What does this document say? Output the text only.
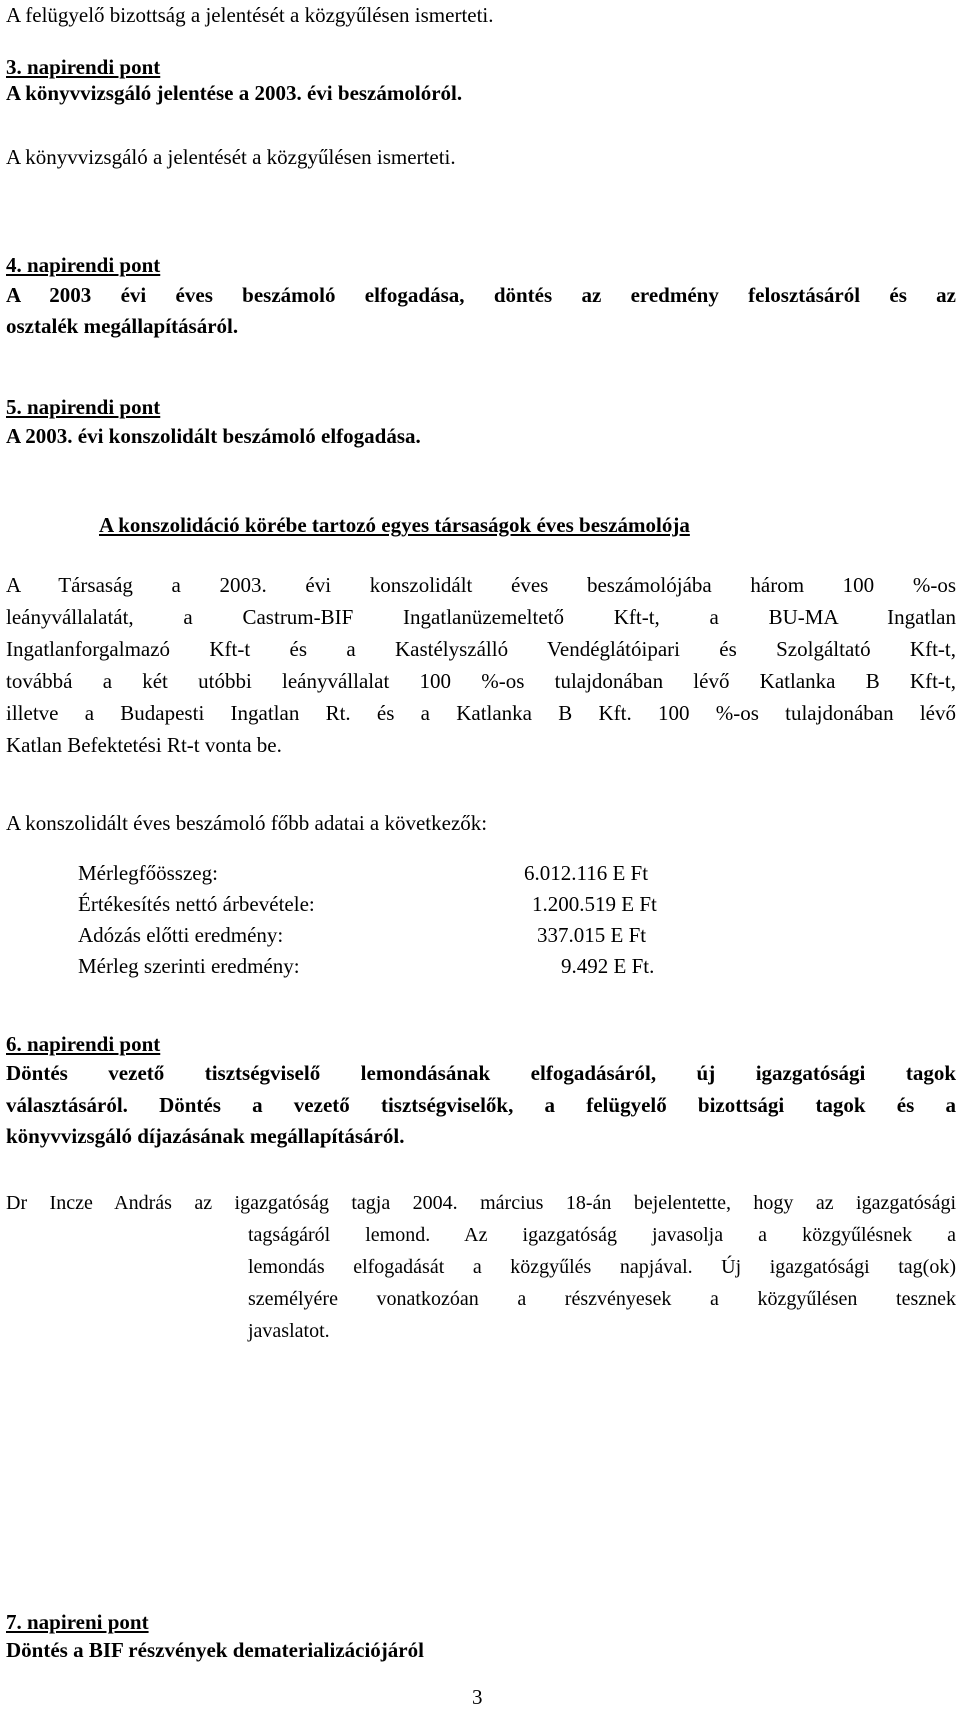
A felügyelő bizottság a jelentését a közgyűlésen ismerteti.
3. napirendi pont
A könyvvizsgáló jelentése a 2003. évi beszámolóról.
A könyvvizsgáló a jelentését a közgyűlésen ismerteti.
4. napirendi pont
A 2003 évi éves beszámoló elfogadása, döntés az eredmény felosztásáról és az
osztalék megállapításáról.
5. napirendi pont
A 2003. évi konszolidált beszámoló elfogadása.
A konszolidáció körébe tartozó egyes társaságok éves beszámolója
A Társaság a 2003. évi konszolidált éves beszámolójába három 100 %-os
leányvállalatát, a Castrum-BIF Ingatlanüzemeltető Kft-t, a BU-MA Ingatlan
Ingatlanforgalmazó Kft-t és a Kastélyszálló Vendéglátóipari és Szolgáltató Kft-t,
továbbá a két utóbbi leányvállalat 100 %-os tulajdonában lévő Katlanka B Kft-t,
illetve a Budapesti Ingatlan Rt. és a Katlanka B Kft. 100 %-os tulajdonában lévő
Katlan Befektetési Rt-t vonta be.
A konszolidált éves beszámoló főbb adatai a következők:
Mérlegfőösszeg:	6.012.116 E Ft
Értékesítés nettó árbevétele:	1.200.519 E Ft
Adózás előtti eredmény:	337.015 E Ft
Mérleg szerinti eredmény:	9.492 E Ft.
6. napirendi pont
Döntés vezető tisztségviselő lemondásának elfogadásáról, új igazgatósági tagok
választásáról. Döntés a vezető tisztségviselők, a felügyelő bizottsági tagok és a
könyvvizsgáló díjazásának megállapításáról.
Dr Incze András az igazgatóság tagja 2004. március 18-án bejelentette, hogy az igazgatósági
tagságáról lemond. Az igazgatóság javasolja a közgyűlésnek a
lemondás elfogadását a közgyűlés napjával. Új igazgatósági tag(ok)
személyére vonatkozóan a részvényesek a közgyűlésen tesznek
javaslatot.
7. napireni pont
Döntés a BIF részvények dematerializációjáról
3
